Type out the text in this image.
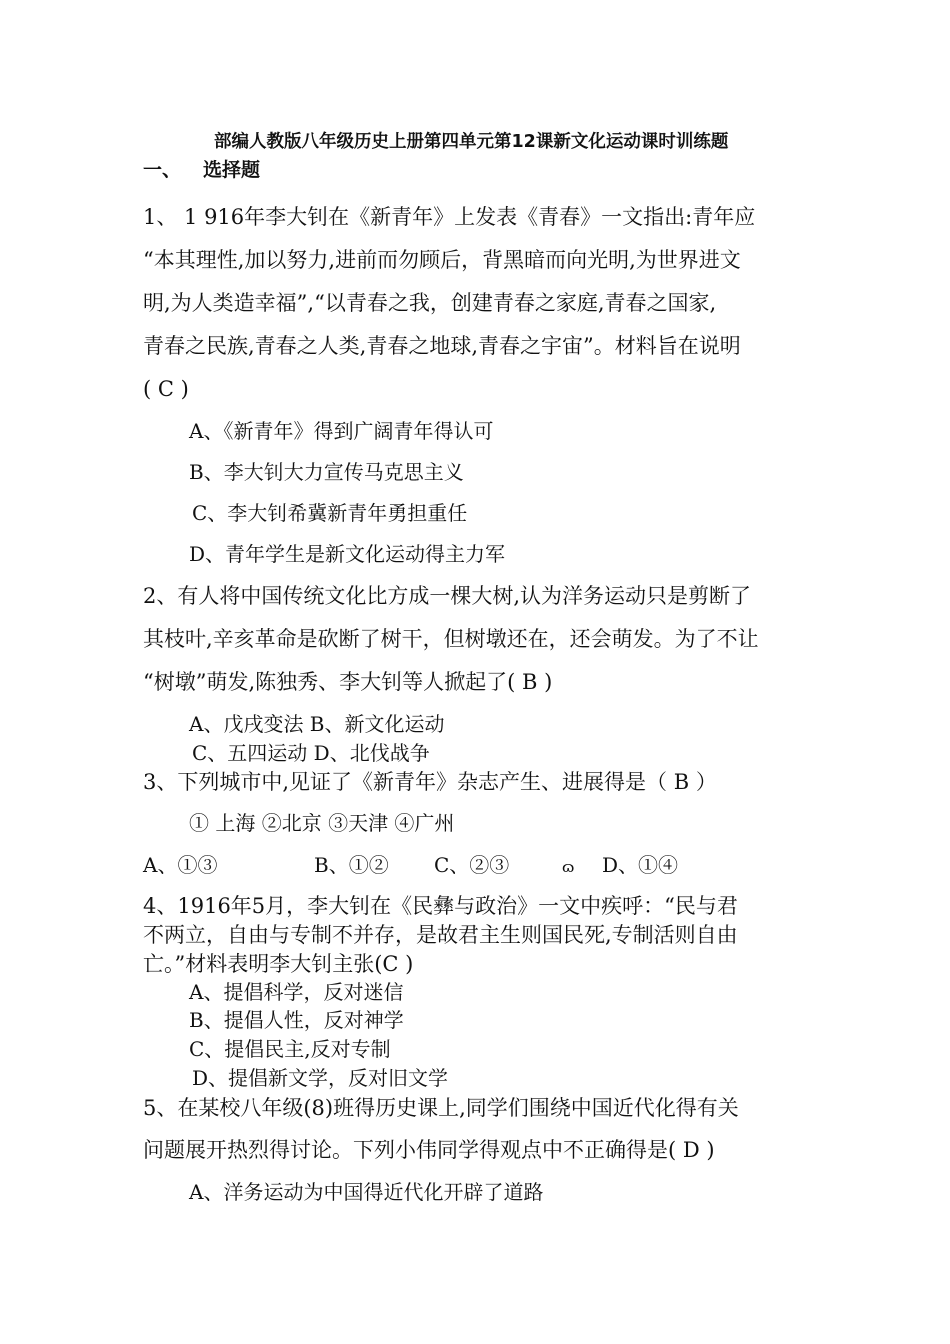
部编人教版八年级历史上册第四单元第12课新文化运动课时训练题
一、 选择题
1、 1 916年李大钊在《新青年》上发表《青春》一文指出:青年应
“本其理性,加以努力,进前而勿顾后，背黑暗而向光明,为世界进文
明,为人类造幸福”,“以青春之我，创建青春之家庭,青春之国家,
青春之民族,青春之人类,青春之地球,青春之宇宙”。材料旨在说明
( C )
A、《新青年》得到广阔青年得认可
B、李大钊大力宣传马克思主义
C、李大钊希冀新青年勇担重任
D、青年学生是新文化运动得主力军
2、有人将中国传统文化比方成一棵大树,认为洋务运动只是剪断了
其枝叶,辛亥革命是砍断了树干，但树墩还在，还会萌发。为了不让
“树墩”萌发,陈独秀、李大钊等人掀起了( B )
A、戊戌变法 B、新文化运动
C、五四运动 D、北伐战争
3、下列城市中,见证了《新青年》杂志产生、进展得是（ B ）
① 上海 ②北京 ③天津 ④广州
A、①③	B、①② C、②③	ɷ D、①④
4、1916年5月，李大钊在《民彝与政治》一文中疾呼：“民与君
不两立，自由与专制不并存，是故君主生则国民死,专制活则自由
亡。”材料表明李大钊主张(C )
A、提倡科学，反对迷信
B、提倡人性，反对神学
C、提倡民主,反对专制
D、提倡新文学，反对旧文学
5、在某校八年级(8)班得历史课上,同学们围绕中国近代化得有关
问题展开热烈得讨论。下列小伟同学得观点中不正确得是( D )
A、洋务运动为中国得近代化开辟了道路
